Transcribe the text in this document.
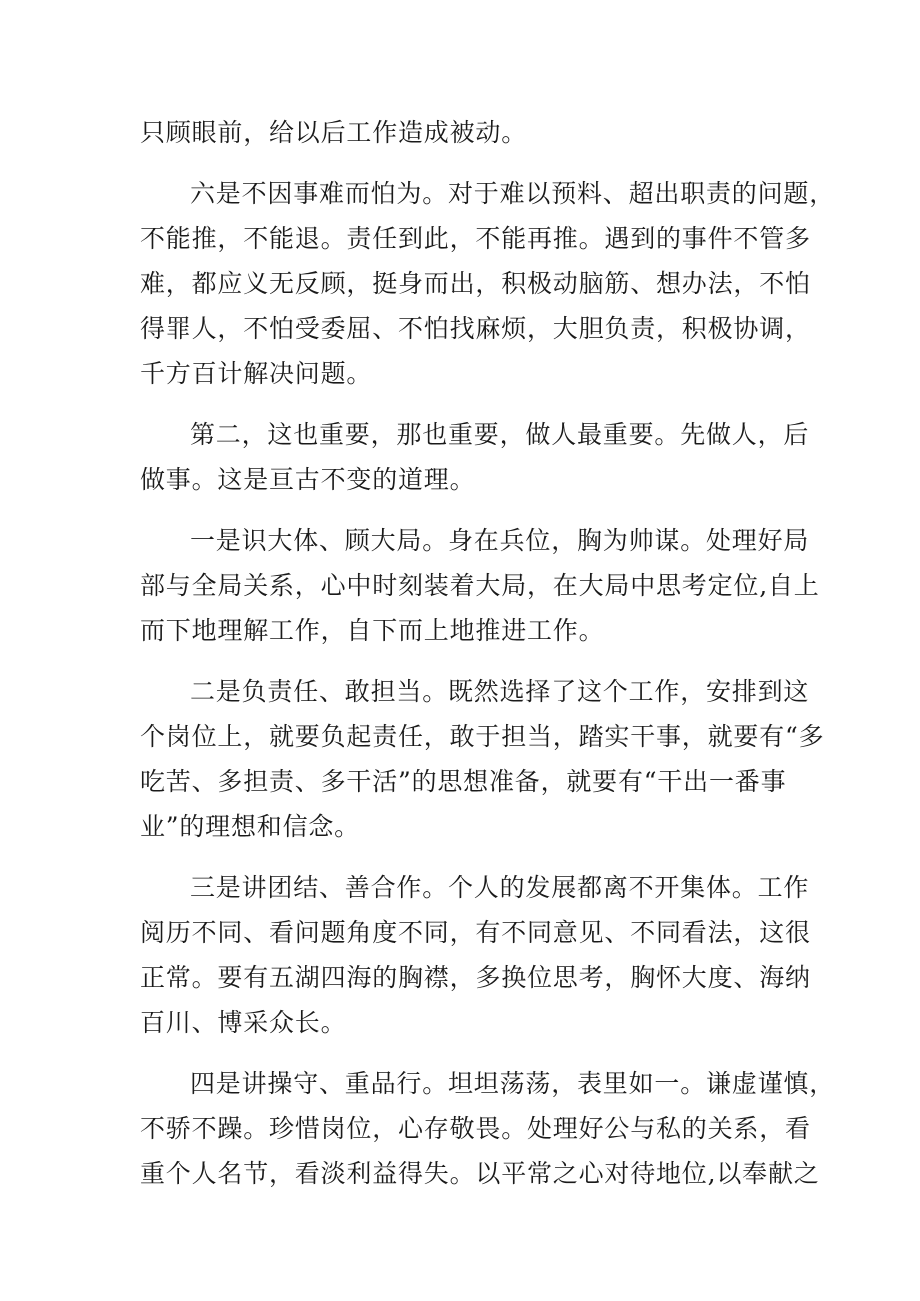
只顾眼前，给以后工作造成被动。

六是不因事难而怕为。对于难以预料、超出职责的问题，
不能推，不能退。责任到此，不能再推。遇到的事件不管多
难，都应义无反顾，挺身而出，积极动脑筋、想办法，不怕
得罪人，不怕受委屈、不怕找麻烦，大胆负责，积极协调，
千方百计解决问题。

第二，这也重要，那也重要，做人最重要。先做人，后
做事。这是亘古不变的道理。

一是识大体、顾大局。身在兵位，胸为帅谋。处理好局
部与全局关系，心中时刻装着大局，在大局中思考定位,自上
而下地理解工作，自下而上地推进工作。

二是负责任、敢担当。既然选择了这个工作，安排到这
个岗位上，就要负起责任，敢于担当，踏实干事，就要有“多
吃苦、多担责、多干活”的思想准备，就要有“干出一番事
业”的理想和信念。

三是讲团结、善合作。个人的发展都离不开集体。工作
阅历不同、看问题角度不同，有不同意见、不同看法，这很
正常。要有五湖四海的胸襟，多换位思考，胸怀大度、海纳
百川、博采众长。

四是讲操守、重品行。坦坦荡荡，表里如一。谦虚谨慎，
不骄不躁。珍惜岗位，心存敬畏。处理好公与私的关系，看
重个人名节，看淡利益得失。以平常之心对待地位,以奉献之
